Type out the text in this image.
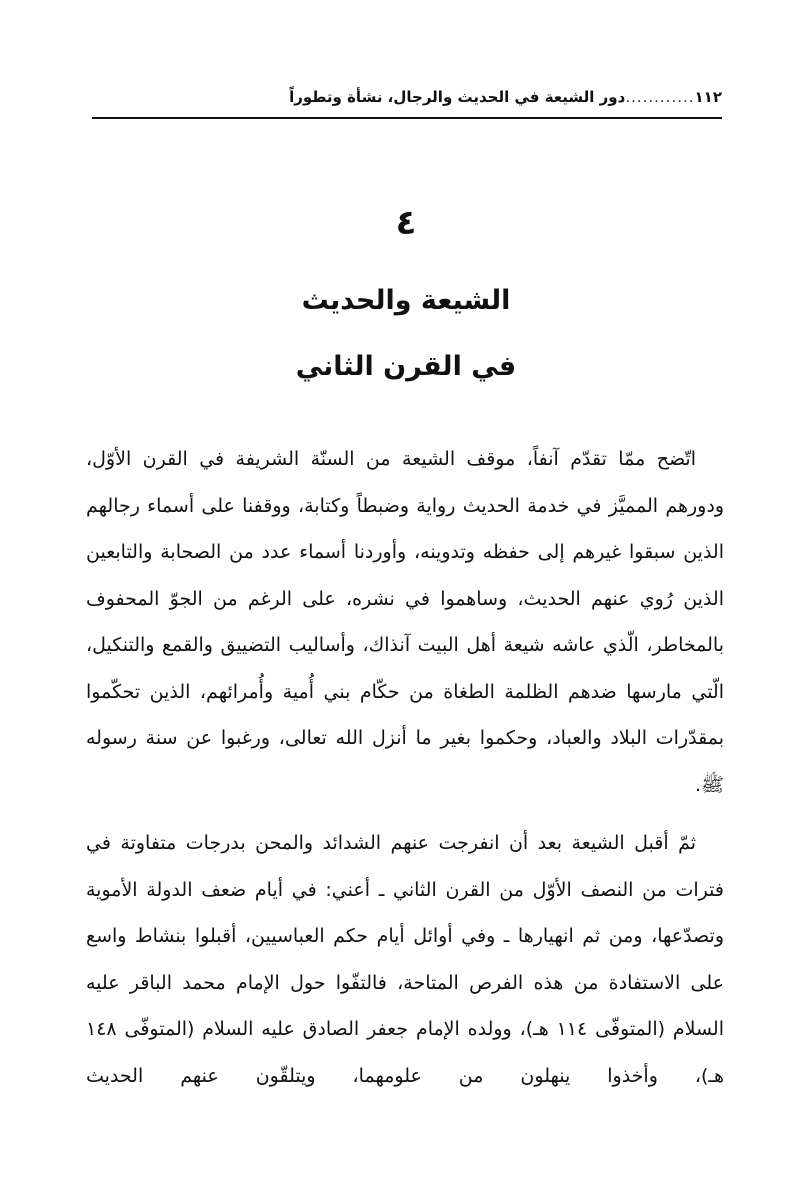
١١٢
............
دور الشيعة في الحديث والرجال، نشأة وتطوراً
٤
الشيعة والحديث
في القرن الثاني

اتّضح ممّا تقدّم آنفاً، موقف الشيعة من السنّة الشريفة في القرن الأوّل، ودورهم المميَّز في خدمة الحديث رواية وضبطاً وكتابة، ووقفنا على أسماء رجالهم الذين سبقوا غيرهم إلى حفظه وتدوينه، وأوردنا أسماء عدد من الصحابة والتابعين الذين رُوي عنهم الحديث، وساهموا في نشره، على الرغم من الجوّ المحفوف بالمخاطر، الّذي عاشه شيعة أهل البيت آنذاك، وأساليب التضييق والقمع والتنكيل، الّتي مارسها ضدهم الظلمة الطغاة من حكّام بني أُمية وأُمرائهم، الذين تحكّموا بمقدّرات البلاد والعباد، وحكموا بغير ما أنزل الله تعالى، ورغبوا عن سنة رسوله ﷺ.

ثمّ أقبل الشيعة بعد أن انفرجت عنهم الشدائد والمحن بدرجات متفاوتة في فترات من النصف الأوّل من القرن الثاني ـ أعني: في أيام ضعف الدولة الأموية وتصدّعها، ومن ثم انهيارها ـ وفي أوائل أيام حكم العباسيين، أقبلوا بنشاط واسع على الاستفادة من هذه الفرص المتاحة، فالتفّوا حول الإمام محمد الباقر عليه السلام (المتوفّى ١١٤ هـ)، وولده الإمام جعفر الصادق عليه السلام (المتوفّى ١٤٨ هـ)، وأخذوا ينهلون من علومهما، ويتلقّون عنهم الحديث
